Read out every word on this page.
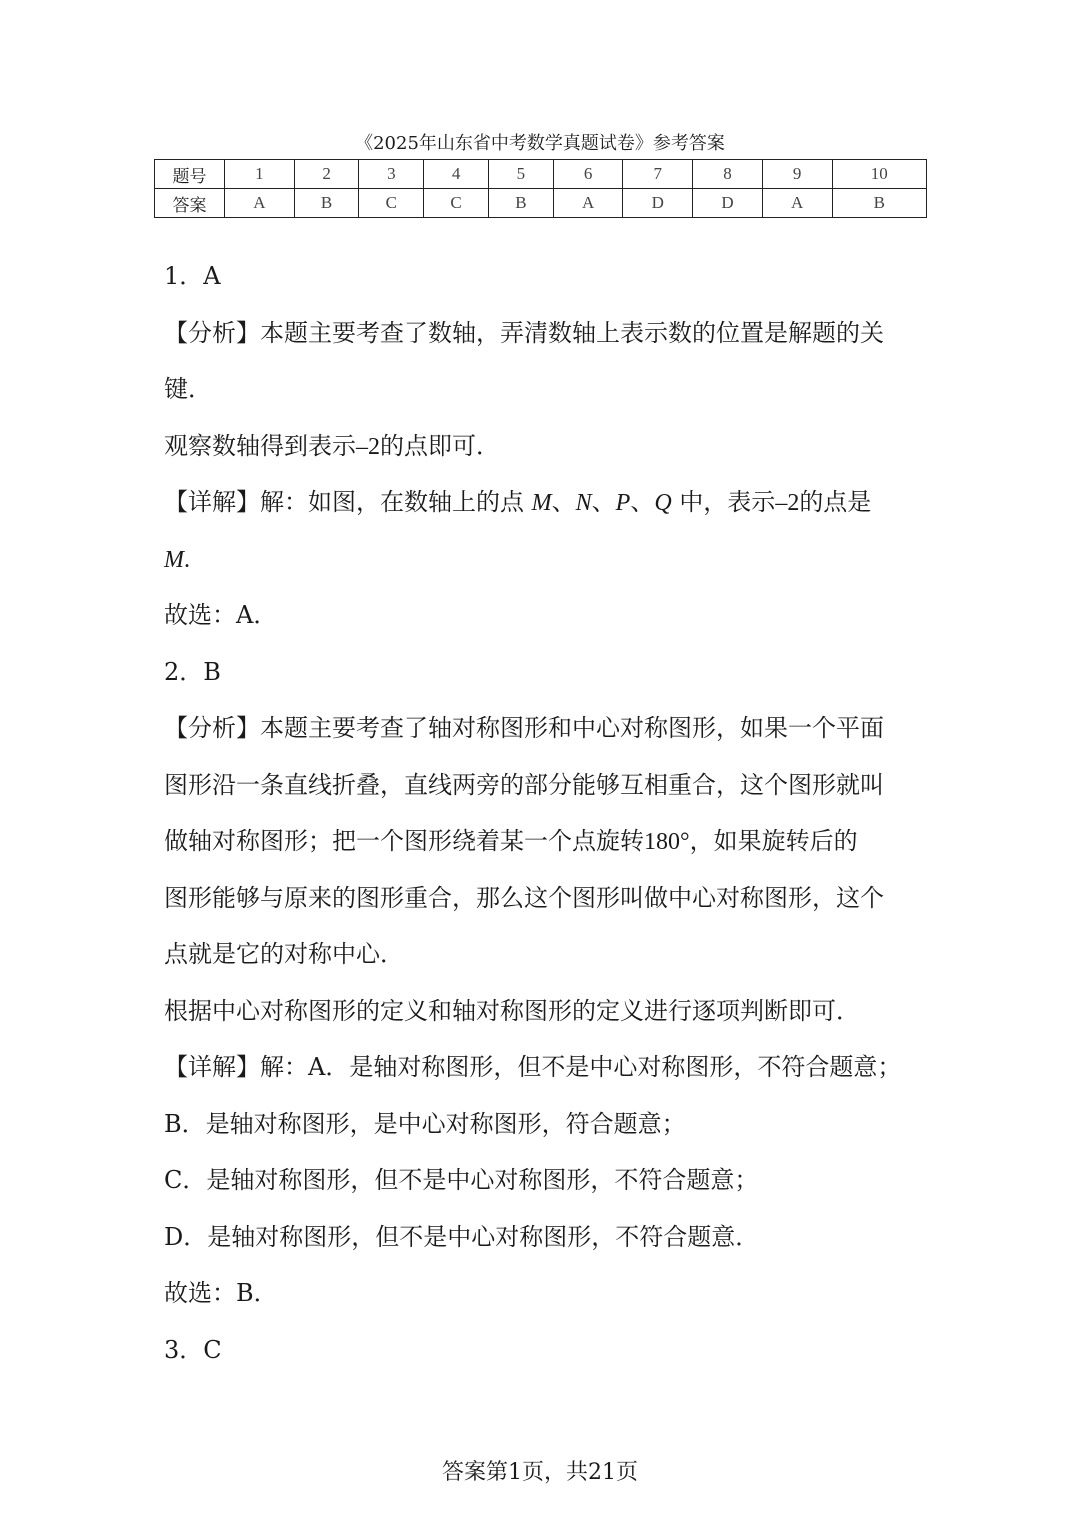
《2025年山东省中考数学真题试卷》参考答案
题号	1	2	3	4	5	6	7	8	9	10
答案	A	B	C	C	B	A	D	D	A	B
1．A
【分析】本题主要考查了数轴，弄清数轴上表示数的位置是解题的关
键．
观察数轴得到表示–2的点即可．
【详解】解：如图，在数轴上的点 M、N、P、Q 中，表示–2的点是
M.
故选：A．
2．B
【分析】本题主要考查了轴对称图形和中心对称图形，如果一个平面
图形沿一条直线折叠，直线两旁的部分能够互相重合，这个图形就叫
做轴对称图形；把一个图形绕着某一个点旋转180°，如果旋转后的
图形能够与原来的图形重合，那么这个图形叫做中心对称图形，这个
点就是它的对称中心．
根据中心对称图形的定义和轴对称图形的定义进行逐项判断即可．
【详解】解：A．是轴对称图形，但不是中心对称图形，不符合题意；
B．是轴对称图形，是中心对称图形，符合题意；
C．是轴对称图形，但不是中心对称图形，不符合题意；
D．是轴对称图形，但不是中心对称图形，不符合题意．
故选：B．
3．C
答案第1页，共21页
